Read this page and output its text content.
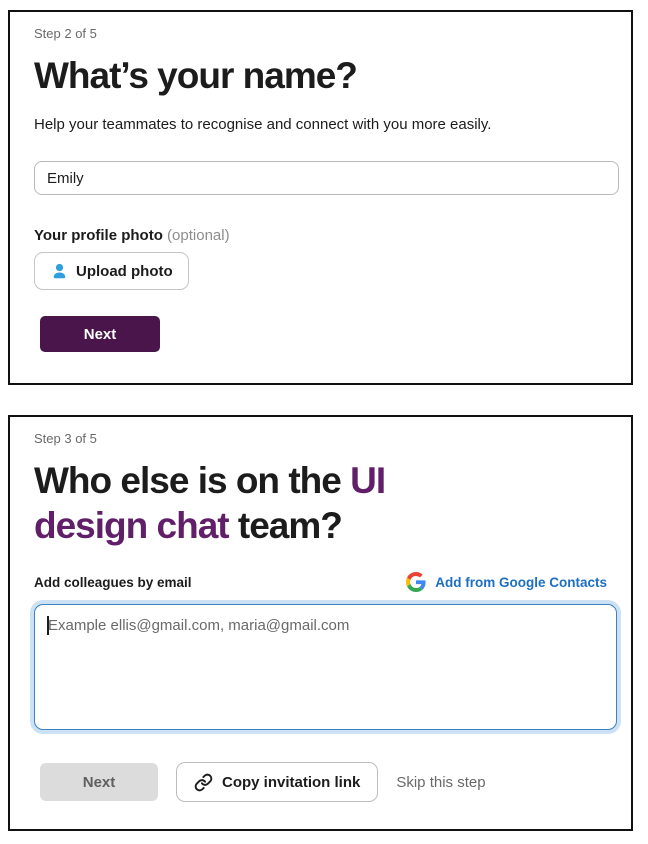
Step 2 of 5
What’s your name?

Help your teammates to recognise and connect with you more easily.

Emily
Your profile photo (optional)
Upload photo
Next
Step 3 of 5
Who else is on the UI
design chat team?
Add colleagues by email	Add from Google Contacts
Example ellis@gmail.com, maria@gmail.com
Next	Copy invitation link Skip this step
